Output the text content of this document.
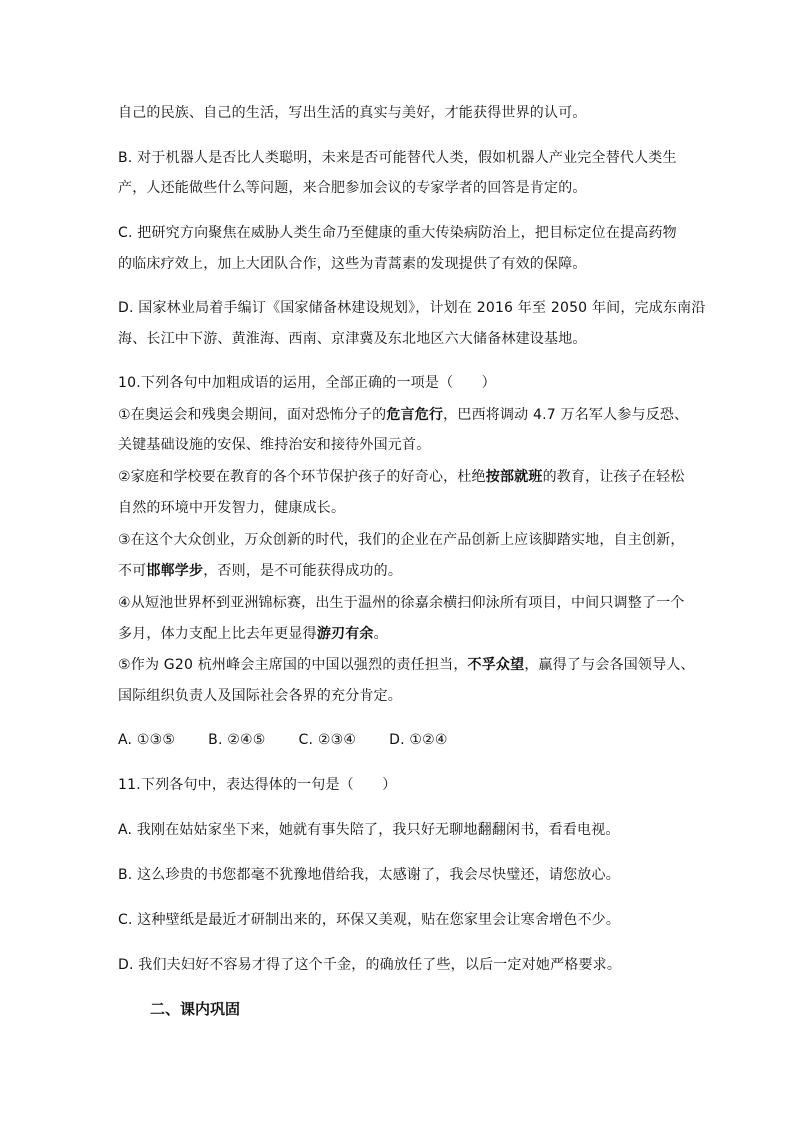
自己的民族、自己的生活，写出生活的真实与美好，才能获得世界的认可。
B. 对于机器人是否比人类聪明，未来是否可能替代人类，假如机器人产业完全替代人类生
产，人还能做些什么等问题，来合肥参加会议的专家学者的回答是肯定的。
C. 把研究方向聚焦在威胁人类生命乃至健康的重大传染病防治上，把目标定位在提高药物
的临床疗效上，加上大团队合作，这些为青蒿素的发现提供了有效的保障。
D. 国家林业局着手编订《国家储备林建设规划》，计划在 2016 年至 2050 年间，完成东南沿
海、长江中下游、黄淮海、西南、京津冀及东北地区六大储备林建设基地。
10.下列各句中加粗成语的运用，全部正确的一项是（　　）
①在奥运会和残奥会期间，面对恐怖分子的危言危行，巴西将调动 4.7 万名军人参与反恐、
关键基础设施的安保、维持治安和接待外国元首。
②家庭和学校要在教育的各个环节保护孩子的好奇心，杜绝按部就班的教育，让孩子在轻松
自然的环境中开发智力，健康成长。
③在这个大众创业，万众创新的时代，我们的企业在产品创新上应该脚踏实地，自主创新，
不可邯郸学步，否则，是不可能获得成功的。
④从短池世界杯到亚洲锦标赛，出生于温州的徐嘉余横扫仰泳所有项目，中间只调整了一个
多月，体力支配上比去年更显得游刃有余。
⑤作为 G20 杭州峰会主席国的中国以强烈的责任担当，不孚众望，赢得了与会各国领导人、
国际组织负责人及国际社会各界的充分肯定。
A. ①③⑤　　 B. ②④⑤　　 C. ②③④　　 D. ①②④
11.下列各句中，表达得体的一句是（　　）
A. 我刚在姑姑家坐下来，她就有事失陪了，我只好无聊地翻翻闲书，看看电视。
B. 这么珍贵的书您都毫不犹豫地借给我，太感谢了，我会尽快璧还，请您放心。
C. 这种壁纸是最近才研制出来的，环保又美观，贴在您家里会让寒舍增色不少。
D. 我们夫妇好不容易才得了这个千金，的确放任了些，以后一定对她严格要求。
二、课内巩固
